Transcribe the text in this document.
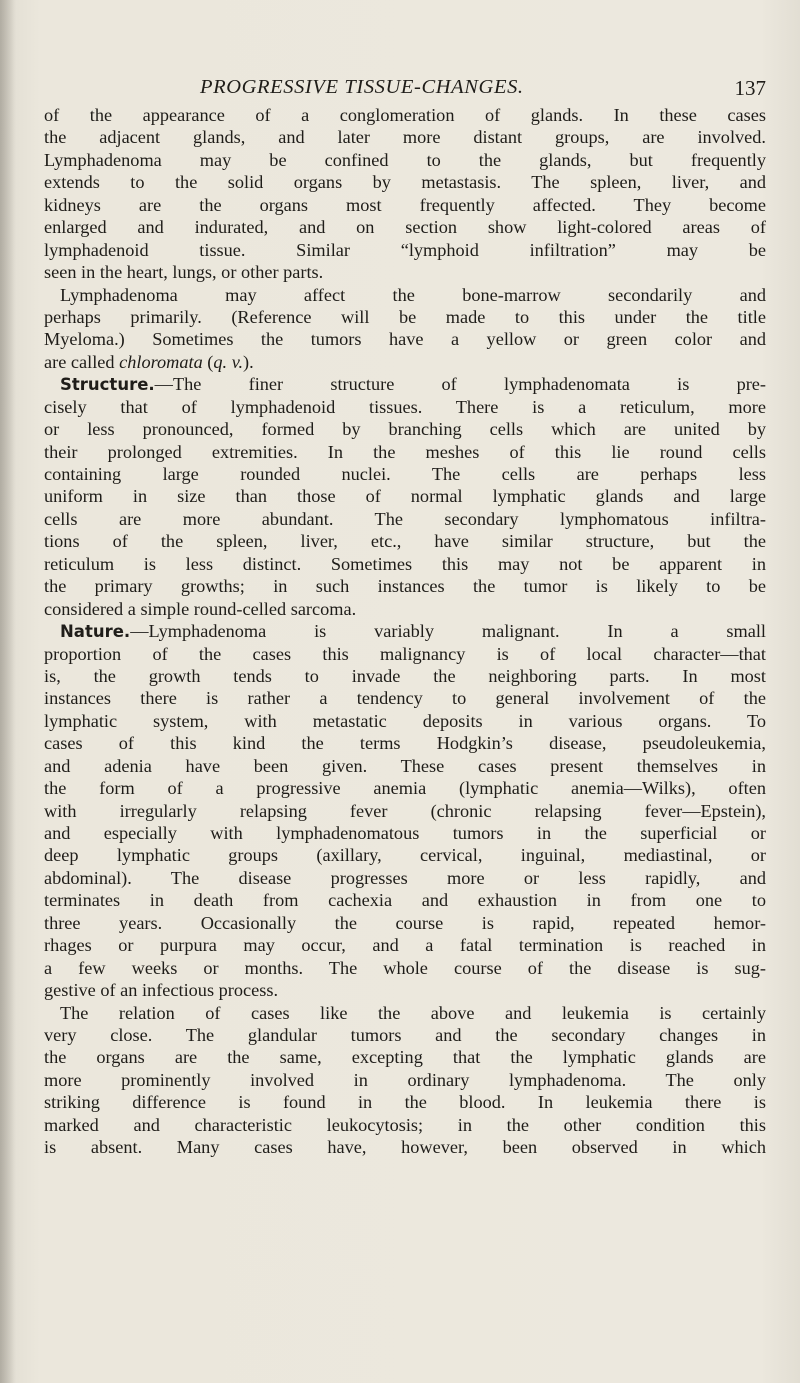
PROGRESSIVE TISSUE-CHANGES.	137
of the appearance of a conglomeration of glands. In these cases
the adjacent glands, and later more distant groups, are involved.
Lymphadenoma may be confined to the glands, but frequently
extends to the solid organs by metastasis. The spleen, liver, and
kidneys are the organs most frequently affected. They become
enlarged and indurated, and on section show light-colored areas of
lymphadenoid tissue. Similar “lymphoid infiltration” may be
seen in the heart, lungs, or other parts.
Lymphadenoma may affect the bone-marrow secondarily and
perhaps primarily. (Reference will be made to this under the title
Myeloma.) Sometimes the tumors have a yellow or green color and
are called chloromata (q. v.).
Structure.—The finer structure of lymphadenomata is pre-
cisely that of lymphadenoid tissues. There is a reticulum, more
or less pronounced, formed by branching cells which are united by
their prolonged extremities. In the meshes of this lie round cells
containing large rounded nuclei. The cells are perhaps less
uniform in size than those of normal lymphatic glands and large
cells are more abundant. The secondary lymphomatous infiltra-
tions of the spleen, liver, etc., have similar structure, but the
reticulum is less distinct. Sometimes this may not be apparent in
the primary growths; in such instances the tumor is likely to be
considered a simple round-celled sarcoma.
Nature.—Lymphadenoma is variably malignant. In a small
proportion of the cases this malignancy is of local character—that
is, the growth tends to invade the neighboring parts. In most
instances there is rather a tendency to general involvement of the
lymphatic system, with metastatic deposits in various organs. To
cases of this kind the terms Hodgkin’s disease, pseudoleukemia,
and adenia have been given. These cases present themselves in
the form of a progressive anemia (lymphatic anemia—Wilks), often
with irregularly relapsing fever (chronic relapsing fever—Epstein),
and especially with lymphadenomatous tumors in the superficial or
deep lymphatic groups (axillary, cervical, inguinal, mediastinal, or
abdominal). The disease progresses more or less rapidly, and
terminates in death from cachexia and exhaustion in from one to
three years. Occasionally the course is rapid, repeated hemor-
rhages or purpura may occur, and a fatal termination is reached in
a few weeks or months. The whole course of the disease is sug-
gestive of an infectious process.
The relation of cases like the above and leukemia is certainly
very close. The glandular tumors and the secondary changes in
the organs are the same, excepting that the lymphatic glands are
more prominently involved in ordinary lymphadenoma. The only
striking difference is found in the blood. In leukemia there is
marked and characteristic leukocytosis; in the other condition this
is absent. Many cases have, however, been observed in which
